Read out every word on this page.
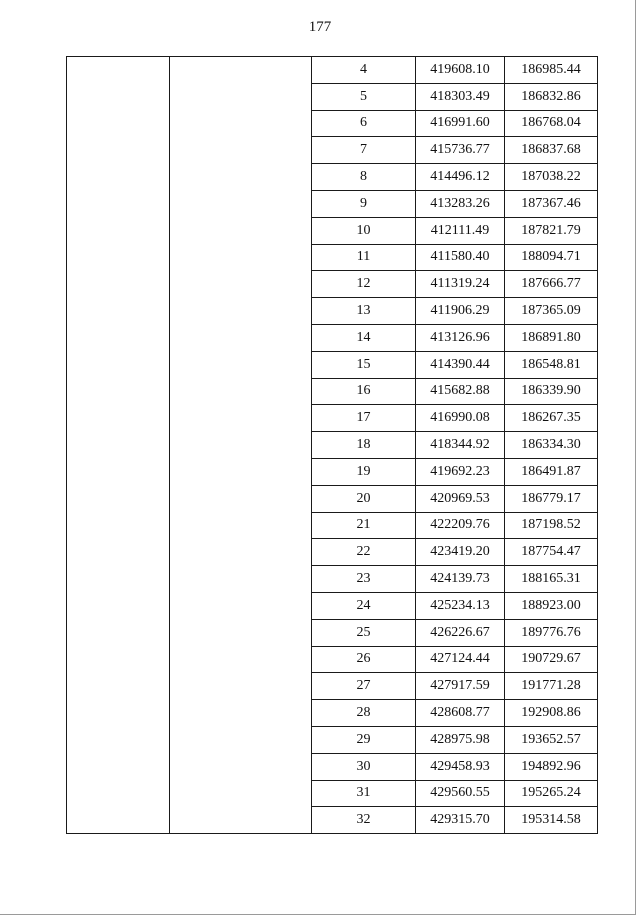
177
		4	419608.10	186985.44
		5	418303.49	186832.86
		6	416991.60	186768.04
		7	415736.77	186837.68
		8	414496.12	187038.22
		9	413283.26	187367.46
		10	412111.49	187821.79
		11	411580.40	188094.71
		12	411319.24	187666.77
		13	411906.29	187365.09
		14	413126.96	186891.80
		15	414390.44	186548.81
		16	415682.88	186339.90
		17	416990.08	186267.35
		18	418344.92	186334.30
		19	419692.23	186491.87
		20	420969.53	186779.17
		21	422209.76	187198.52
		22	423419.20	187754.47
		23	424139.73	188165.31
		24	425234.13	188923.00
		25	426226.67	189776.76
		26	427124.44	190729.67
		27	427917.59	191771.28
		28	428608.77	192908.86
		29	428975.98	193652.57
		30	429458.93	194892.96
		31	429560.55	195265.24
		32	429315.70	195314.58
